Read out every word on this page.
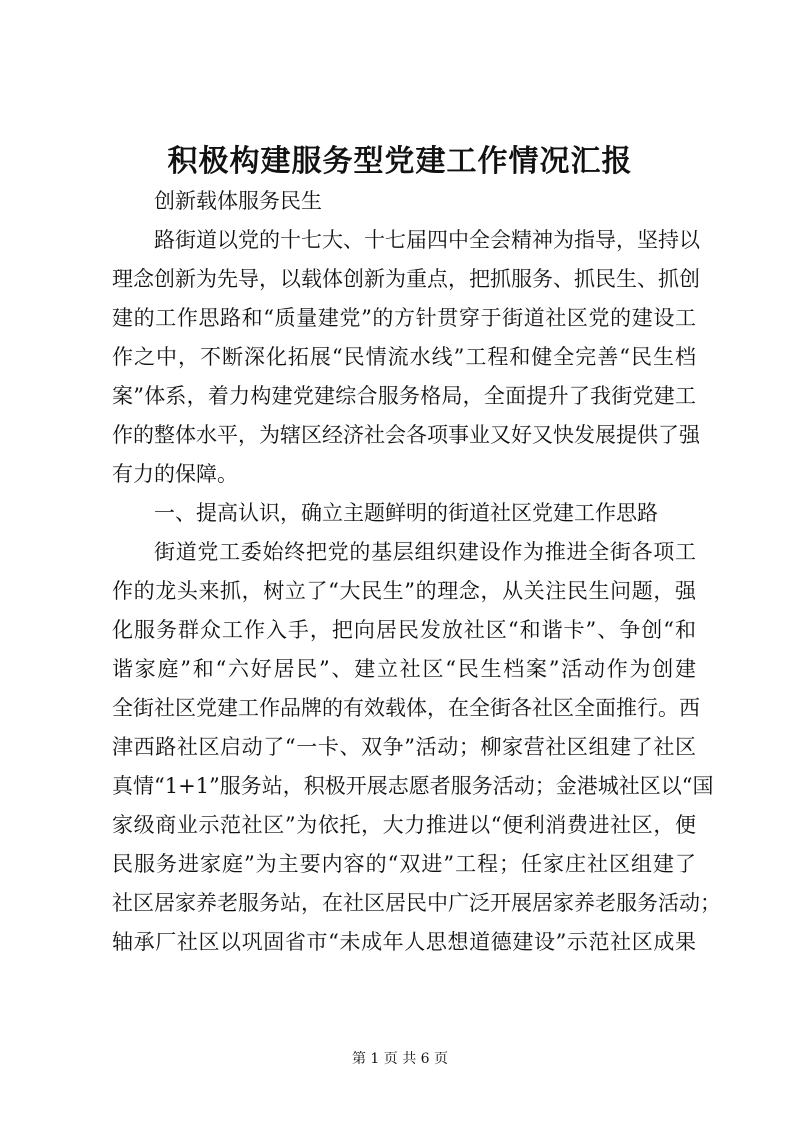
积极构建服务型党建工作情况汇报

创新载体服务民生

路街道以党的十七大、十七届四中全会精神为指导，坚持以
理念创新为先导，以载体创新为重点，把抓服务、抓民生、抓创
建的工作思路和“质量建党”的方针贯穿于街道社区党的建设工
作之中，不断深化拓展“民情流水线”工程和健全完善“民生档
案”体系，着力构建党建综合服务格局，全面提升了我街党建工
作的整体水平，为辖区经济社会各项事业又好又快发展提供了强
有力的保障。

一、提高认识，确立主题鲜明的街道社区党建工作思路

街道党工委始终把党的基层组织建设作为推进全街各项工
作的龙头来抓，树立了“大民生”的理念，从关注民生问题，强
化服务群众工作入手，把向居民发放社区“和谐卡”、争创“和
谐家庭”和“六好居民”、建立社区“民生档案”活动作为创建
全街社区党建工作品牌的有效载体，在全街各社区全面推行。西
津西路社区启动了“一卡、双争”活动；柳家营社区组建了社区
真情“1+1”服务站，积极开展志愿者服务活动；金港城社区以“国
家级商业示范社区”为依托，大力推进以“便利消费进社区，便
民服务进家庭”为主要内容的“双进”工程；任家庄社区组建了
社区居家养老服务站，在社区居民中广泛开展居家养老服务活动；
轴承厂社区以巩固省市“未成年人思想道德建设”示范社区成果

第 1 页 共 6 页
